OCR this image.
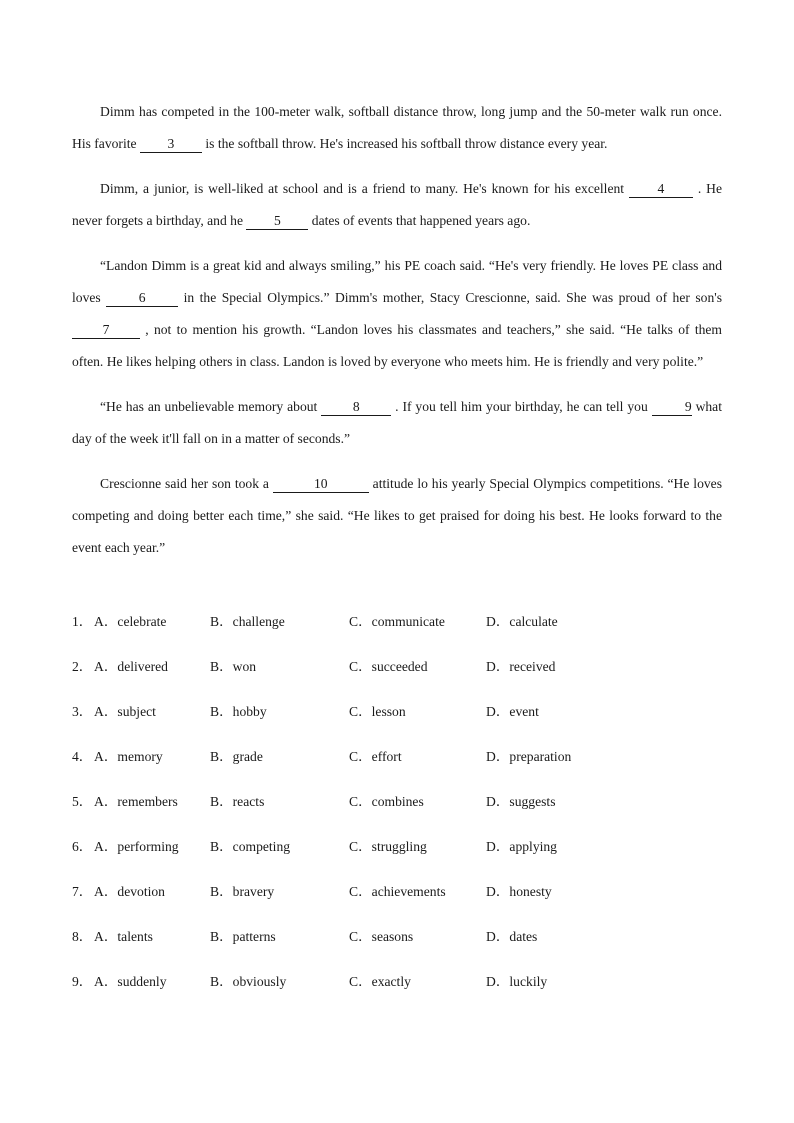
Dimm has competed in the 100-meter walk, softball distance throw, long jump and the 50-meter walk run once. His favorite 3 is the softball throw. He's increased his softball throw distance every year.

Dimm, a junior, is well-liked at school and is a friend to many. He's known for his excellent 4 . He never forgets a birthday, and he 5 dates of events that happened years ago.

“Landon Dimm is a great kid and always smiling,” his PE coach said. “He's very friendly. He loves PE class and loves 6 in the Special Olympics.” Dimm's mother, Stacy Crescionne, said. She was proud of her son's 7 , not to mention his growth. “Landon loves his classmates and teachers,” she said. “He talks of them often. He likes helping others in class. Landon is loved by everyone who meets him. He is friendly and very polite.”

“He has an unbelievable memory about 8 . If you tell him your birthday, he can tell you 9 what day of the week it'll fall on in a matter of seconds.”

Crescionne said her son took a	10	attitude lo his yearly Special Olympics competitions. “He loves competing and doing better each time,” she said. “He likes to get praised for doing his best. He looks forward to the event each year.”

1． A．celebrate	B．challenge	C．communicate	D．calculate
2． A．delivered	B．won	C．succeeded	D．received
3． A．subject	B．hobby	C．lesson	D．event
4． A．memory	B．grade	C．effort	D．preparation
5． A．remembers B．reacts	C．combines	D．suggests
6． A．performing B．competing	C．struggling	D．applying
7． A．devotion	B．bravery	C．achievements	D．honesty
8． A．talents	B．patterns	C．seasons	D．dates
9． A．suddenly	B．obviously	C．exactly	D．luckily
